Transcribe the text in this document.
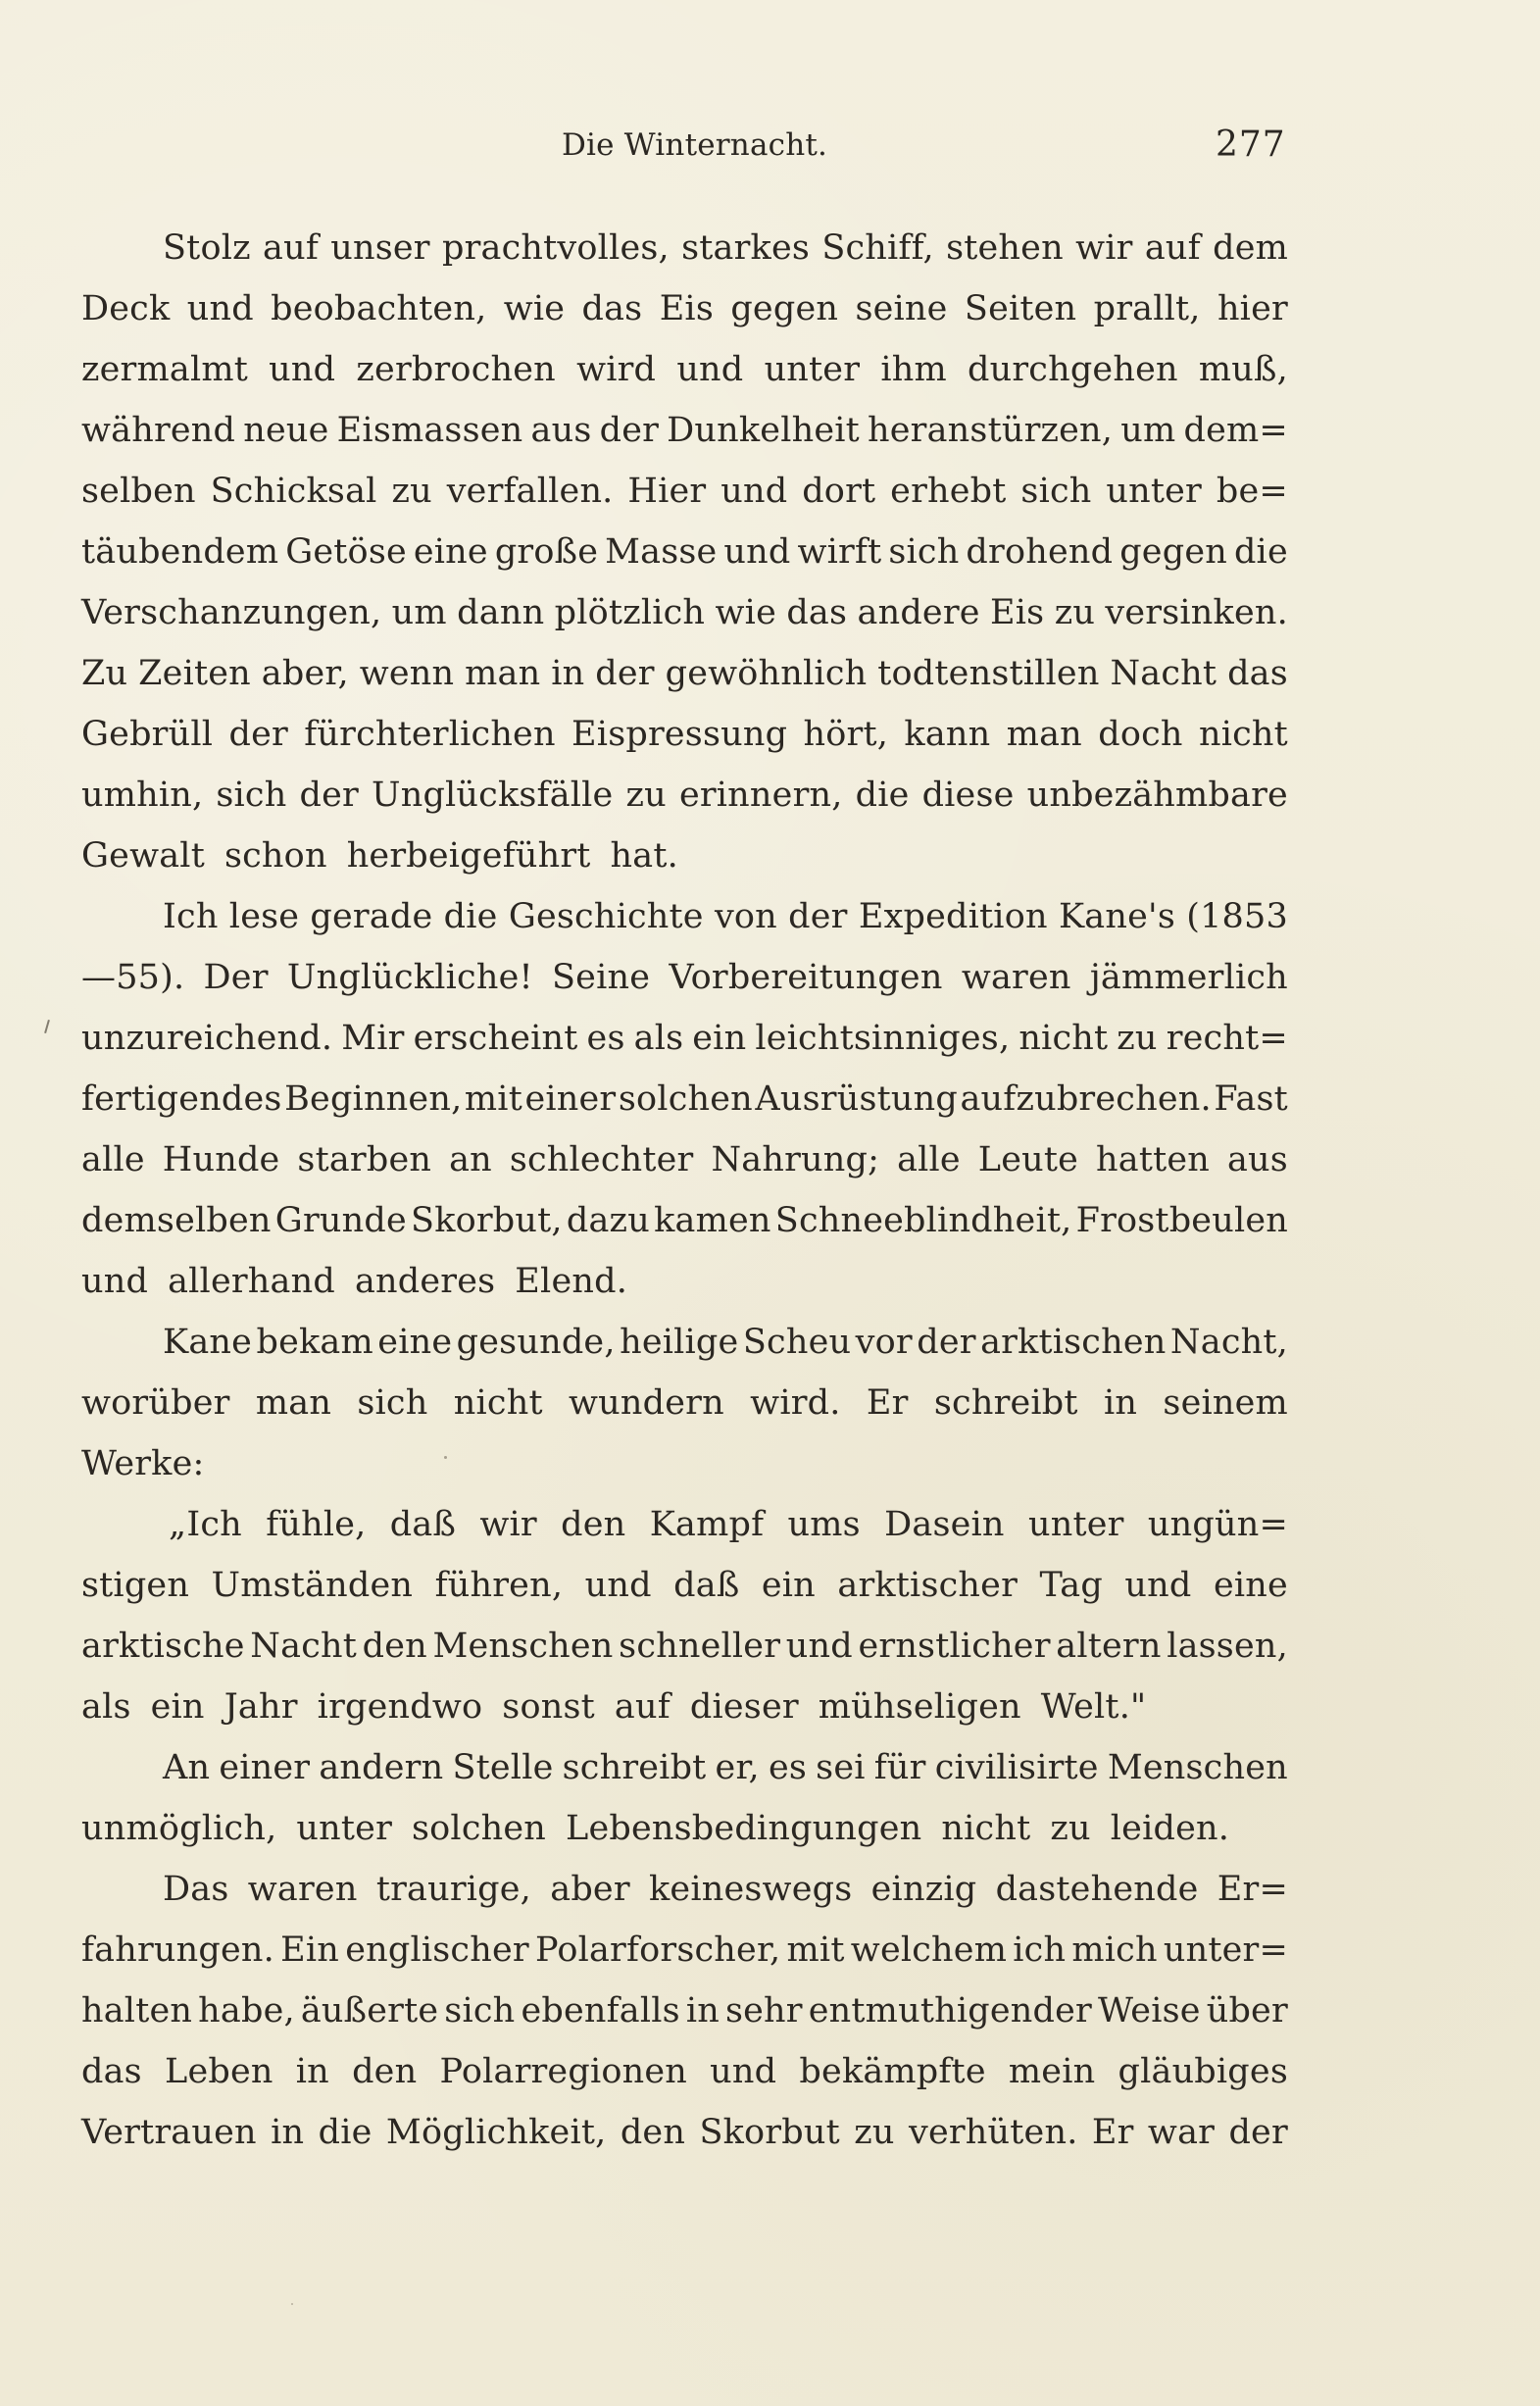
Die Winternacht.	277
Stolz auf unser prachtvolles, starkes Schiff, stehen wir auf dem
Deck und beobachten, wie das Eis gegen seine Seiten prallt, hier
zermalmt und zerbrochen wird und unter ihm durchgehen muß,
während neue Eismassen aus der Dunkelheit heranstürzen, um dem=
selben Schicksal zu verfallen. Hier und dort erhebt sich unter be=
täubendem Getöse eine große Masse und wirft sich drohend gegen die
Verschanzungen, um dann plötzlich wie das andere Eis zu versinken.
Zu Zeiten aber, wenn man in der gewöhnlich todtenstillen Nacht das
Gebrüll der fürchterlichen Eispressung hört, kann man doch nicht
umhin, sich der Unglücksfälle zu erinnern, die diese unbezähmbare
Gewalt schon herbeigeführt hat.
Ich lese gerade die Geschichte von der Expedition Kane's (1853
—55). Der Unglückliche! Seine Vorbereitungen waren jämmerlich
unzureichend. Mir erscheint es als ein leichtsinniges, nicht zu recht=
fertigendes Beginnen, mit einer solchen Ausrüstung aufzubrechen. Fast
alle Hunde starben an schlechter Nahrung; alle Leute hatten aus
demselben Grunde Skorbut, dazu kamen Schneeblindheit, Frostbeulen
und allerhand anderes Elend.
Kane bekam eine gesunde, heilige Scheu vor der arktischen Nacht,
worüber man sich nicht wundern wird. Er schreibt in seinem
Werke:
„Ich fühle, daß wir den Kampf ums Dasein unter ungün=
stigen Umständen führen, und daß ein arktischer Tag und eine
arktische Nacht den Menschen schneller und ernstlicher altern lassen,
als ein Jahr irgendwo sonst auf dieser mühseligen Welt."
An einer andern Stelle schreibt er, es sei für civilisirte Menschen
unmöglich, unter solchen Lebensbedingungen nicht zu leiden.
Das waren traurige, aber keineswegs einzig dastehende Er=
fahrungen. Ein englischer Polarforscher, mit welchem ich mich unter=
halten habe, äußerte sich ebenfalls in sehr entmuthigender Weise über
das Leben in den Polarregionen und bekämpfte mein gläubiges
Vertrauen in die Möglichkeit, den Skorbut zu verhüten. Er war der
